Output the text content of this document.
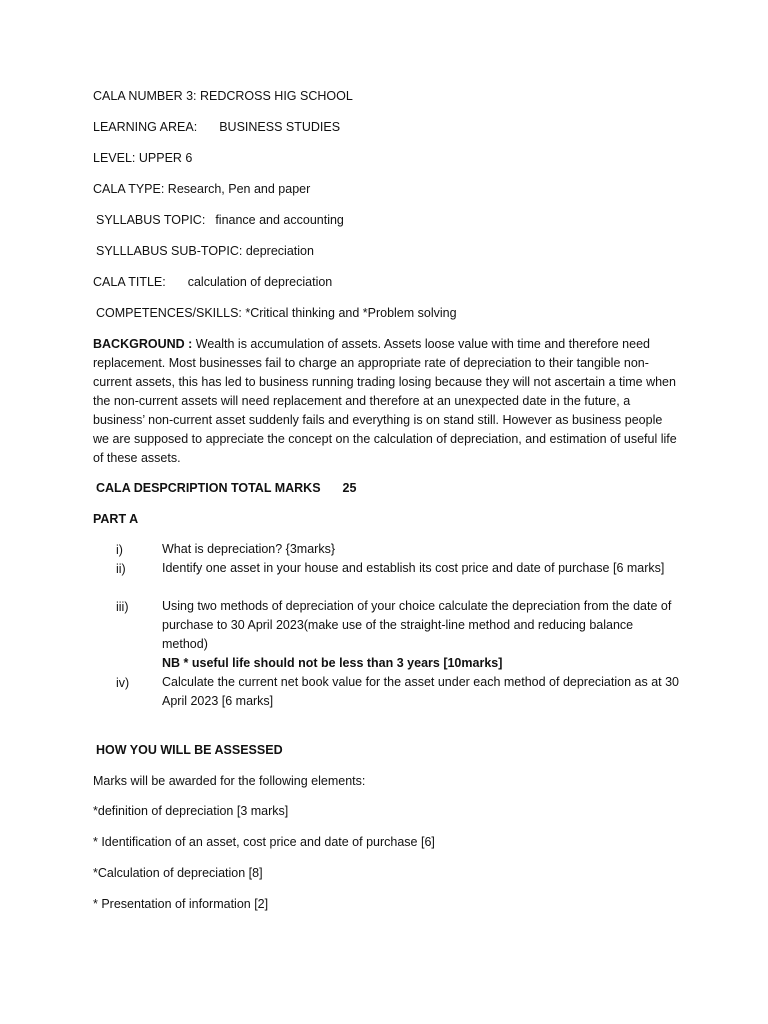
CALA NUMBER 3: REDCROSS HIG SCHOOL
LEARNING AREA: BUSINESS STUDIES
LEVEL: UPPER 6
CALA TYPE: Research, Pen and paper
SYLLABUS TOPIC: finance and accounting
SYLLLABUS SUB-TOPIC: depreciation
CALA TITLE: calculation of depreciation
COMPETENCES/SKILLS: *Critical thinking and *Problem solving
BACKGROUND : Wealth is accumulation of assets. Assets loose value with time and therefore need replacement. Most businesses fail to charge an appropriate rate of depreciation to their tangible non-current assets, this has led to business running trading losing because they will not ascertain a time when the non-current assets will need replacement and therefore at an unexpected date in the future, a business’ non-current asset suddenly fails and everything is on stand still. However as business people we are supposed to appreciate the concept on the calculation of depreciation, and estimation of useful life of these assets.
CALA DESPCRIPTION TOTAL MARKS 25
PART A
i)	What is depreciation? {3marks}
ii)	Identify one asset in your house and establish its cost price and date of purchase [6 marks]
iii)	Using two methods of depreciation of your choice calculate the depreciation from the date of purchase to 30 April 2023(make use of the straight-line method and reducing balance method)
NB * useful life should not be less than 3 years [10marks]
iv)	Calculate the current net book value for the asset under each method of depreciation as at 30 April 2023 [6 marks]
HOW YOU WILL BE ASSESSED
Marks will be awarded for the following elements:
*definition of depreciation [3 marks]
* Identification of an asset, cost price and date of purchase [6]
*Calculation of depreciation [8]
* Presentation of information [2]
